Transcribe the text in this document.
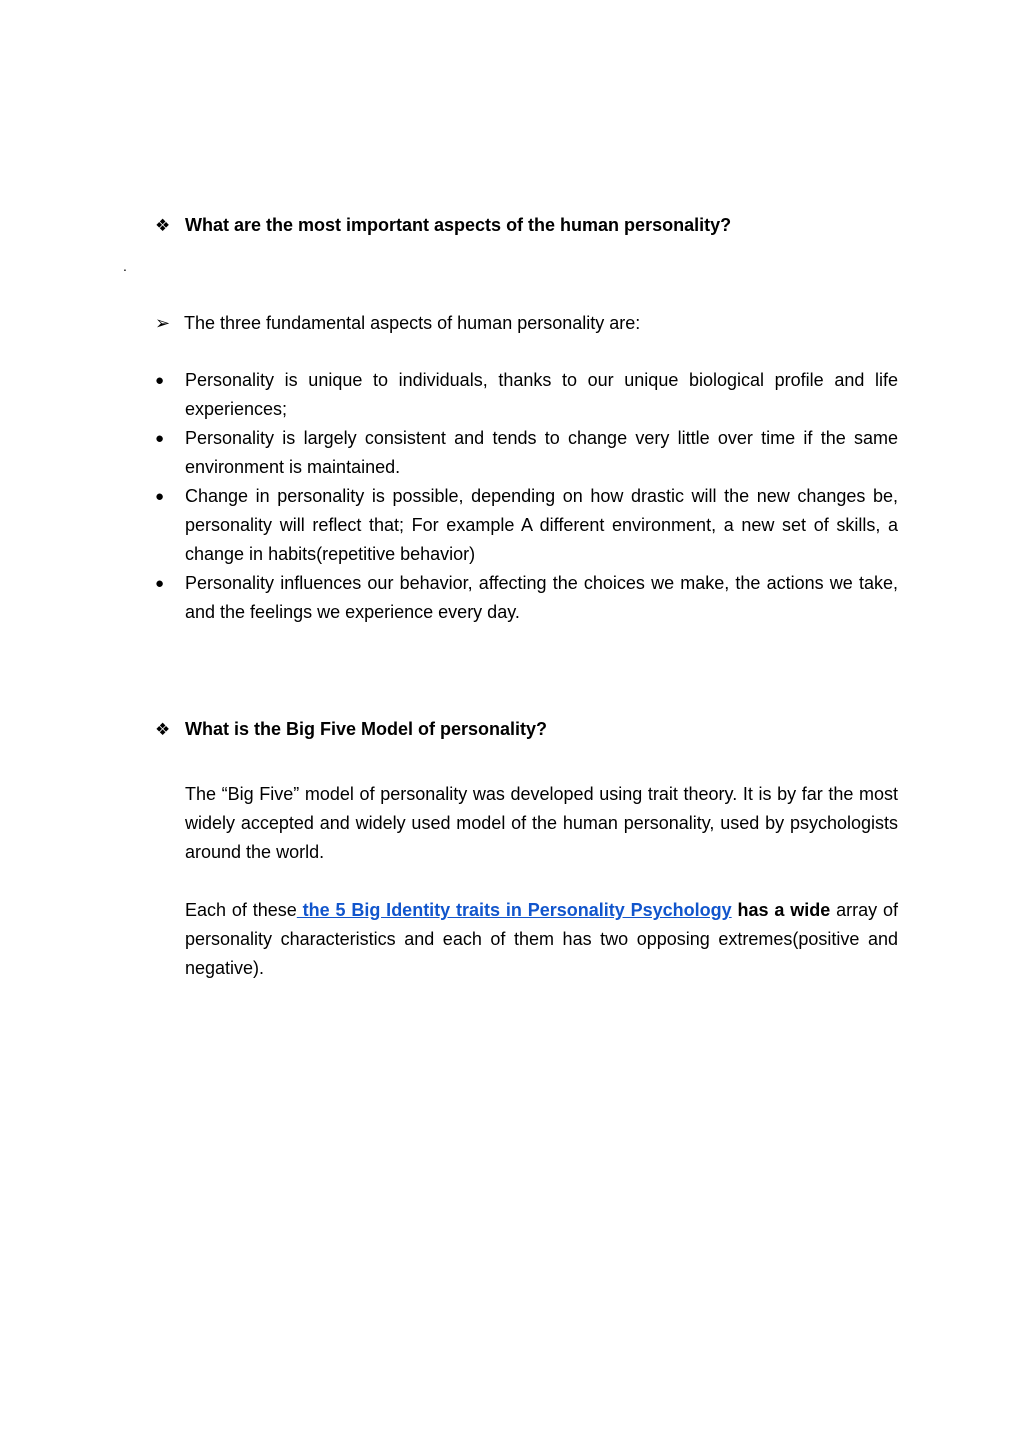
❖ What are the most important aspects of the human personality?
.
➢ The three fundamental aspects of human personality are:
●	Personality is unique to individuals, thanks to our unique biological profile and life experiences;
●	Personality is largely consistent and tends to change very little over time if the same environment is maintained.
●	Change in personality is possible, depending on how drastic will the new changes be, personality will reflect that; For example A different environment, a new set of skills, a change in habits(repetitive behavior)
●	Personality influences our behavior, affecting the choices we make, the actions we take, and the feelings we experience every day.
❖ What is the Big Five Model of personality?

The “Big Five” model of personality was developed using trait theory. It is by far the most widely accepted and widely used model of the human personality, used by psychologists around the world.

Each of these the 5 Big Identity traits in Personality Psychology has a wide array of personality characteristics and each of them has two opposing extremes(positive and negative).
